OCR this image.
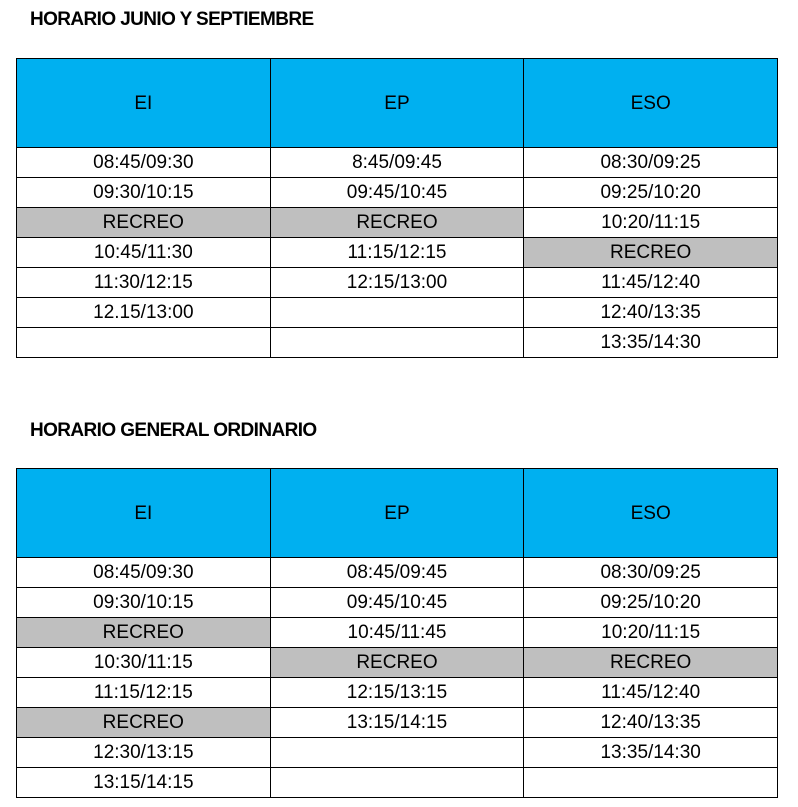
HORARIO JUNIO Y SEPTIEMBRE
EI	EP	ESO
08:45/09:30	8:45/09:45	08:30/09:25
09:30/10:15	09:45/10:45	09:25/10:20
RECREO	RECREO	10:20/11:15
10:45/11:30	11:15/12:15	RECREO
11:30/12:15	12:15/13:00	11:45/12:40
12.15/13:00		12:40/13:35
		13:35/14:30
HORARIO GENERAL ORDINARIO
EI	EP	ESO
08:45/09:30	08:45/09:45	08:30/09:25
09:30/10:15	09:45/10:45	09:25/10:20
RECREO	10:45/11:45	10:20/11:15
10:30/11:15	RECREO	RECREO
11:15/12:15	12:15/13:15	11:45/12:40
RECREO	13:15/14:15	12:40/13:35
12:30/13:15		13:35/14:30
13:15/14:15		
